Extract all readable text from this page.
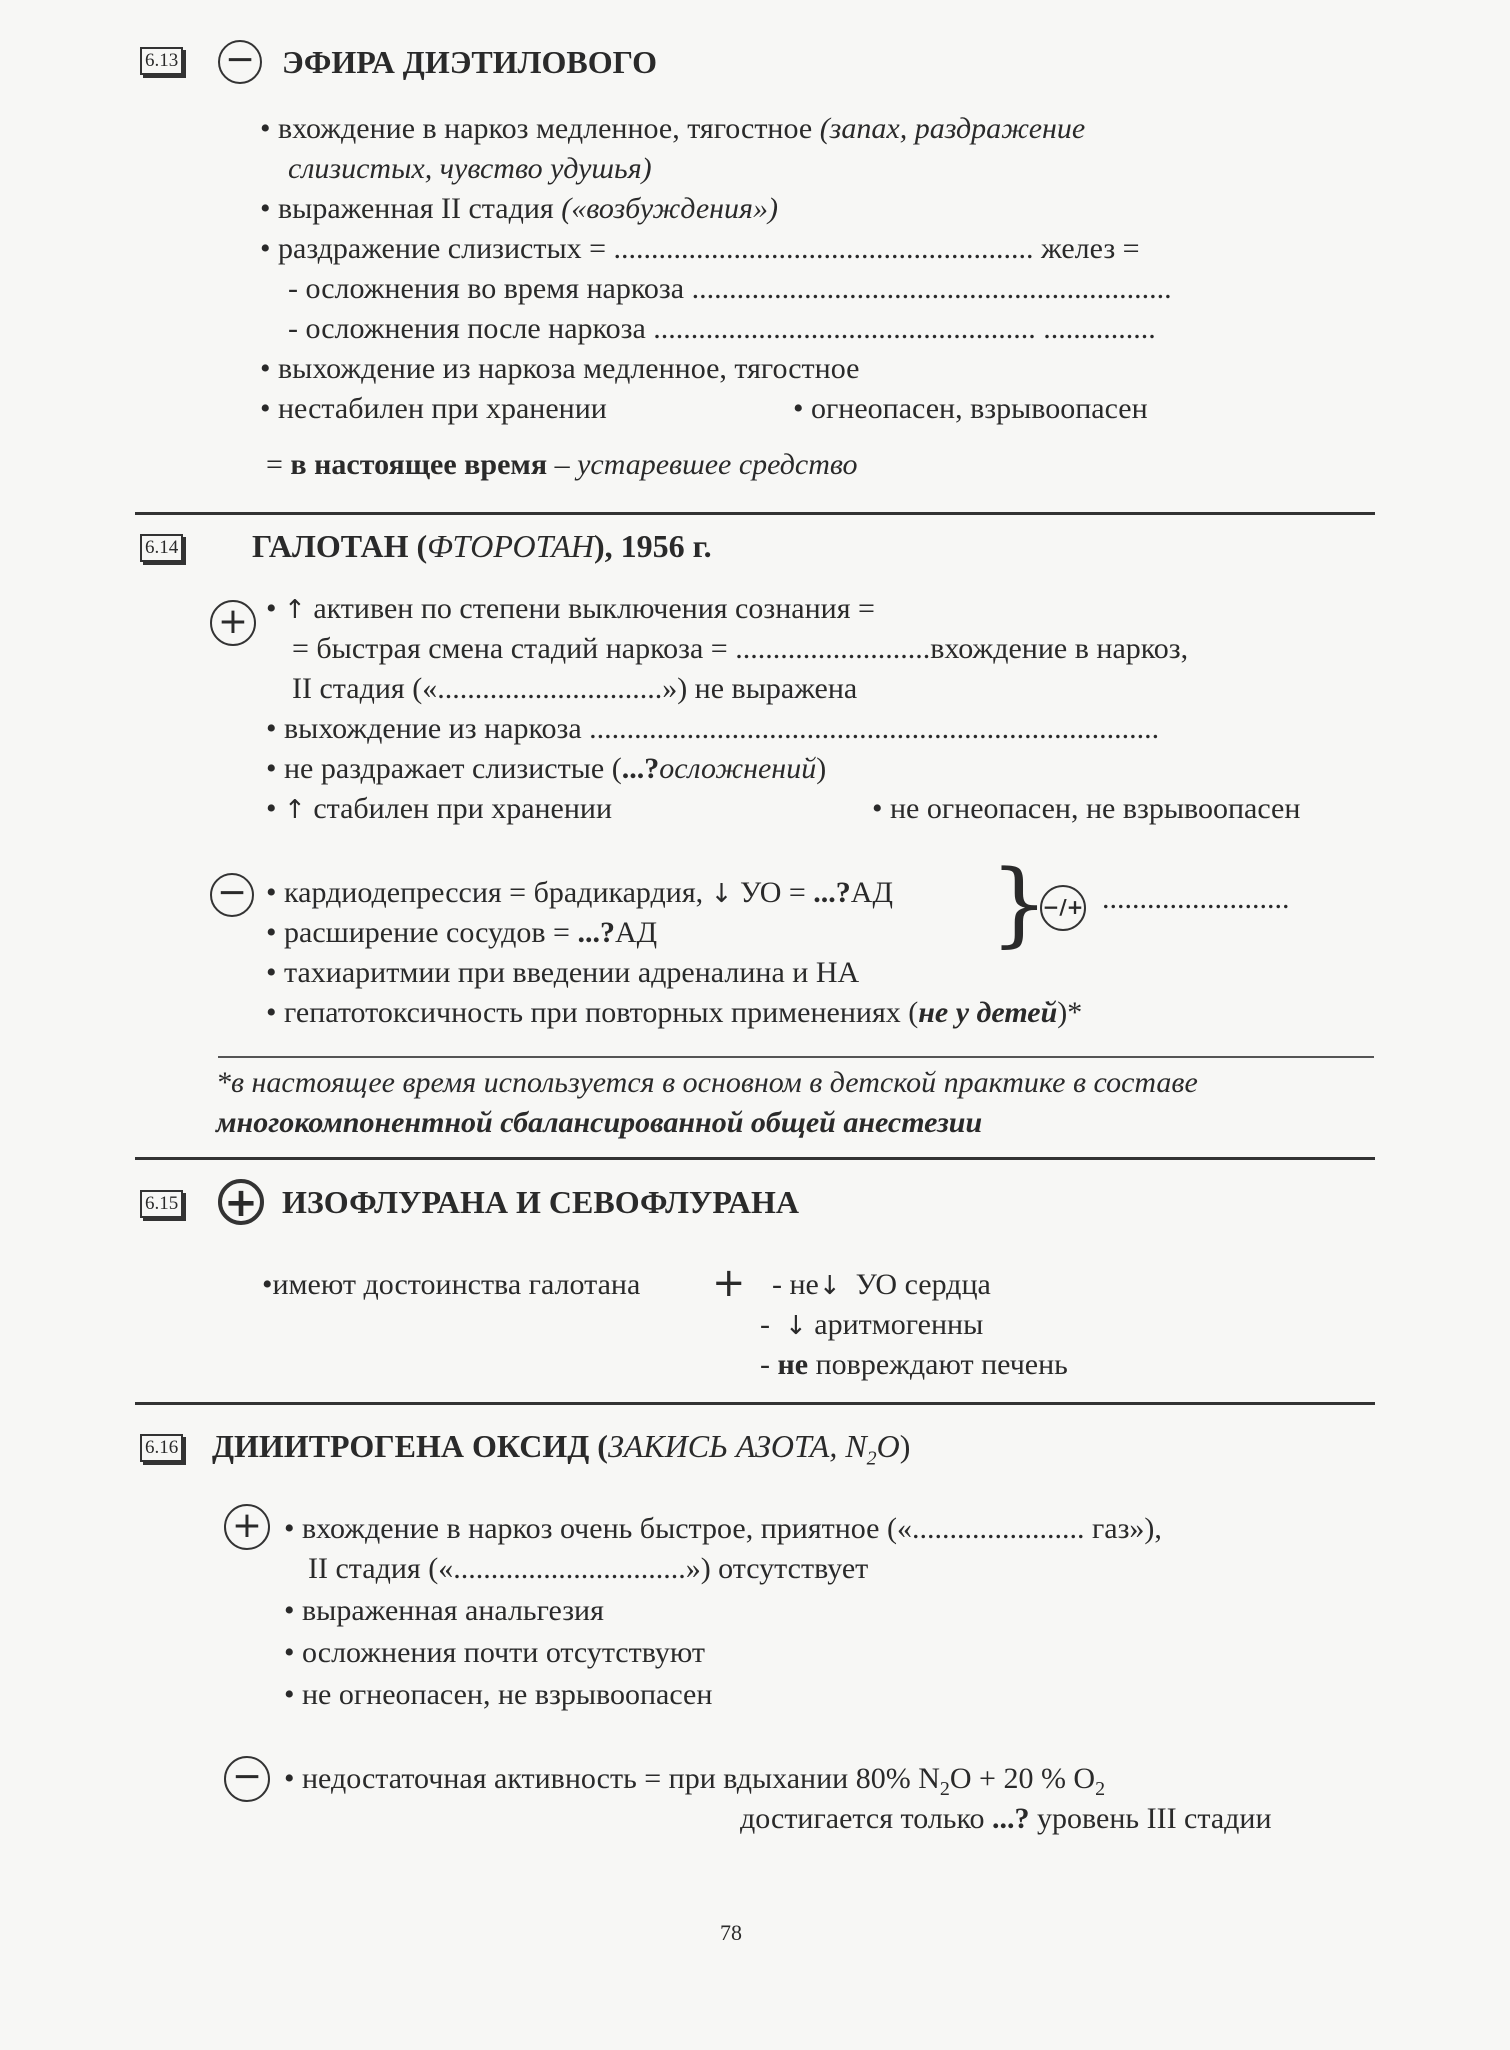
6.13 − ЭФИРА ДИЭТИЛОВОГО
• вхождение в наркоз медленное, тягостное (запах, раздражение
слизистых, чувство удушья)
• выраженная II стадия («возбуждения»)
• раздражение слизистых = ........................................................ желез =
- осложнения во время наркоза ................................................................
- осложнения после наркоза ................................................... ...............
• выхождение из наркоза медленное, тягостное
• нестабилен при хранении	• огнеопасен, взрывоопасен
= в настоящее время – устаревшее средство
6.14 ГАЛОТАН (ФТОРОТАН), 1956 г.
+ • ↑ активен по степени выключения сознания =
= быстрая смена стадий наркоза = ..........................вхождение в наркоз,
II стадия («..............................») не выражена
• выхождение из наркоза ............................................................................
• не раздражает слизистые (...?осложнений)
• ↑ стабилен при хранении	• не огнеопасен, не взрывоопасен
− • кардиодепрессия = брадикардия, ↓ УО = ...?АД }
−/+ .........................
• расширение сосудов = ...?АД
• тахиаритмии при введении адреналина и НА
• гепатотоксичность при повторных применениях (не у детей)*
*в настоящее время используется в основном в детской практике в составе
многокомпонентной сбалансированной общей анестезии
6.15 + ИЗОФЛУРАНА И СЕВОФЛУРАНА
•имеют достоинства галотана + - не↓ УО сердца
- ↓ аритмогенны
- не повреждают печень
6.16 ДИИИТРОГЕНА ОКСИД (ЗАКИСЬ АЗОТА, $N_2O$)
+ • вхождение в наркоз очень быстрое, приятное («....................... газ»),
II стадия («...............................») отсутствует
• выраженная анальгезия
• осложнения почти отсутствуют
• не огнеопасен, не взрывоопасен
− • недостаточная активность = при вдыхании 80% $N_2O + 20$ % $O_2$
достигается только ...? уровень III стадии
78
